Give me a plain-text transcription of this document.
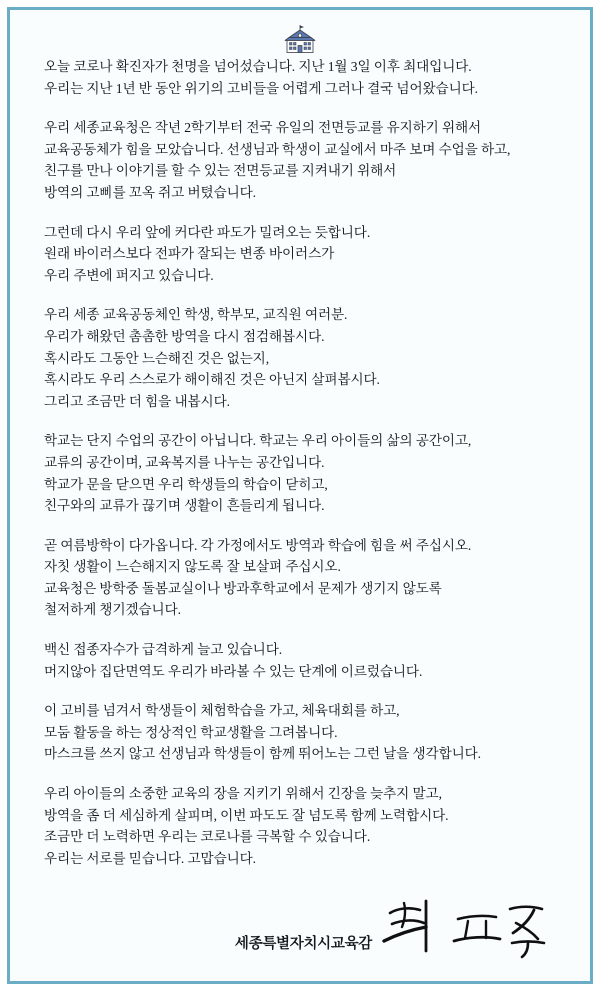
오늘 코로나 확진자가 천명을 넘어섰습니다. 지난 1월 3일 이후 최대입니다.
우리는 지난 1년 반 동안 위기의 고비들을 어렵게 그러나 결국 넘어왔습니다.
우리 세종교육청은 작년 2학기부터 전국 유일의 전면등교를 유지하기 위해서
교육공동체가 힘을 모았습니다. 선생님과 학생이 교실에서 마주 보며 수업을 하고,
친구를 만나 이야기를 할 수 있는 전면등교를 지켜내기 위해서
방역의 고삐를 꼬옥 쥐고 버텼습니다.
그런데 다시 우리 앞에 커다란 파도가 밀려오는 듯합니다.
원래 바이러스보다 전파가 잘되는 변종 바이러스가
우리 주변에 퍼지고 있습니다.
우리 세종 교육공동체인 학생, 학부모, 교직원 여러분.
우리가 해왔던 촘촘한 방역을 다시 점검해봅시다.
혹시라도 그동안 느슨해진 것은 없는지,
혹시라도 우리 스스로가 해이해진 것은 아닌지 살펴봅시다.
그리고 조금만 더 힘을 내봅시다.
학교는 단지 수업의 공간이 아닙니다. 학교는 우리 아이들의 삶의 공간이고,
교류의 공간이며, 교육복지를 나누는 공간입니다.
학교가 문을 닫으면 우리 학생들의 학습이 닫히고,
친구와의 교류가 끊기며 생활이 흔들리게 됩니다.
곧 여름방학이 다가옵니다. 각 가정에서도 방역과 학습에 힘을 써 주십시오.
자칫 생활이 느슨해지지 않도록 잘 보살펴 주십시오.
교육청은 방학중 돌봄교실이나 방과후학교에서 문제가 생기지 않도록
철저하게 챙기겠습니다.
백신 접종자수가 급격하게 늘고 있습니다.
머지않아 집단면역도 우리가 바라볼 수 있는 단계에 이르렀습니다.
이 고비를 넘겨서 학생들이 체험학습을 가고, 체육대회를 하고,
모둠 활동을 하는 정상적인 학교생활을 그려봅니다.
마스크를 쓰지 않고 선생님과 학생들이 함께 뛰어노는 그런 날을 생각합니다.
우리 아이들의 소중한 교육의 장을 지키기 위해서 긴장을 늦추지 말고,
방역을 좀 더 세심하게 살피며, 이번 파도도 잘 넘도록 함께 노력합시다.
조금만 더 노력하면 우리는 코로나를 극복할 수 있습니다.
우리는 서로를 믿습니다. 고맙습니다.
세종특별자치시교육감
